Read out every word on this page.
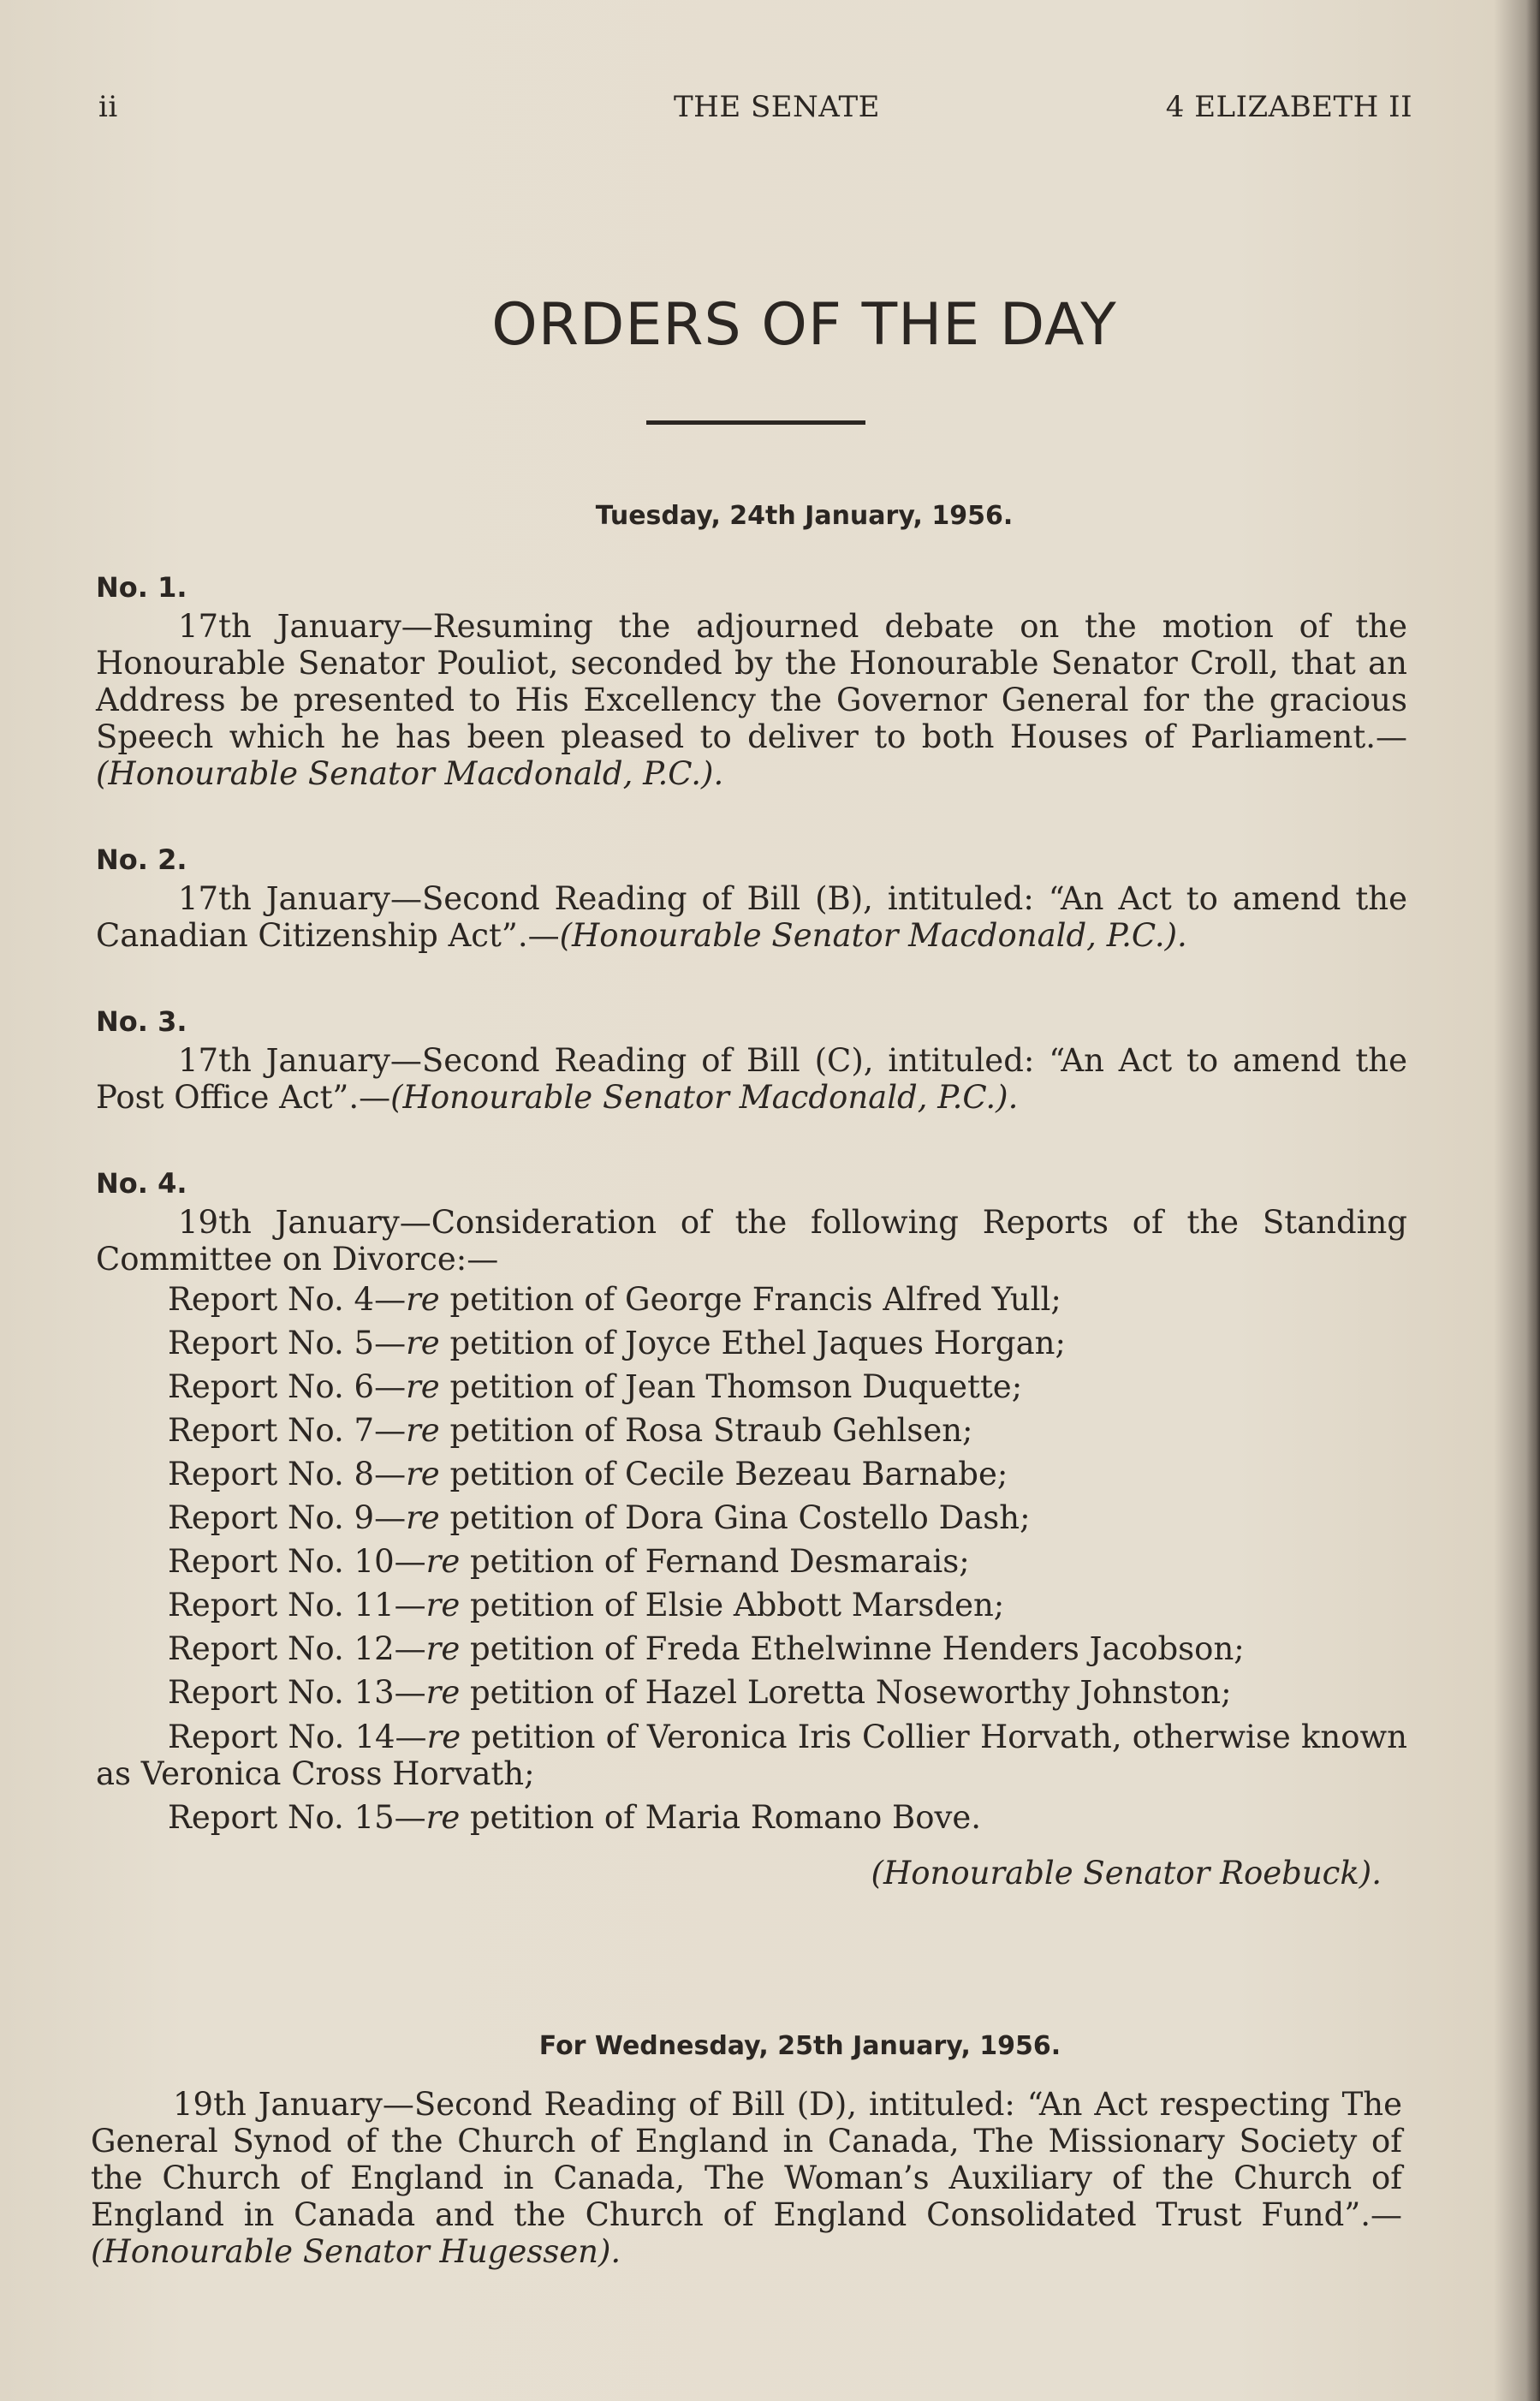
ii	THE SENATE	4 ELIZABETH II
ORDERS OF THE DAY
Tuesday, 24th January, 1956.
No. 1.

17th January—Resuming the adjourned debate on the motion of the Honourable Senator Pouliot, seconded by the Honourable Senator Croll, that an Address be presented to His Excellency the Governor General for the gracious Speech which he has been pleased to deliver to both Houses of Parliament.—(Honourable Senator Macdonald, P.C.).

No. 2.

17th January—Second Reading of Bill (B), intituled: “An Act to amend the Canadian Citizenship Act”.—(Honourable Senator Macdonald, P.C.).

No. 3.

17th January—Second Reading of Bill (C), intituled: “An Act to amend the Post Office Act”.—(Honourable Senator Macdonald, P.C.).

No. 4.

19th January—Consideration of the following Reports of the Standing Committee on Divorce:—

Report No. 4—re petition of George Francis Alfred Yull;
Report No. 5—re petition of Joyce Ethel Jaques Horgan;
Report No. 6—re petition of Jean Thomson Duquette;
Report No. 7—re petition of Rosa Straub Gehlsen;
Report No. 8—re petition of Cecile Bezeau Barnabe;
Report No. 9—re petition of Dora Gina Costello Dash;
Report No. 10—re petition of Fernand Desmarais;
Report No. 11—re petition of Elsie Abbott Marsden;
Report No. 12—re petition of Freda Ethelwinne Henders Jacobson;
Report No. 13—re petition of Hazel Loretta Noseworthy Johnston;
Report No. 14—re petition of Veronica Iris Collier Horvath, otherwise known as Veronica Cross Horvath;
Report No. 15—re petition of Maria Romano Bove.
(Honourable Senator Roebuck).
For Wednesday, 25th January, 1956.

19th January—Second Reading of Bill (D), intituled: “An Act respecting The General Synod of the Church of England in Canada, The Missionary Society of the Church of England in Canada, The Woman’s Auxiliary of the Church of England in Canada and the Church of England Consolidated Trust Fund”.—(Honourable Senator Hugessen).
